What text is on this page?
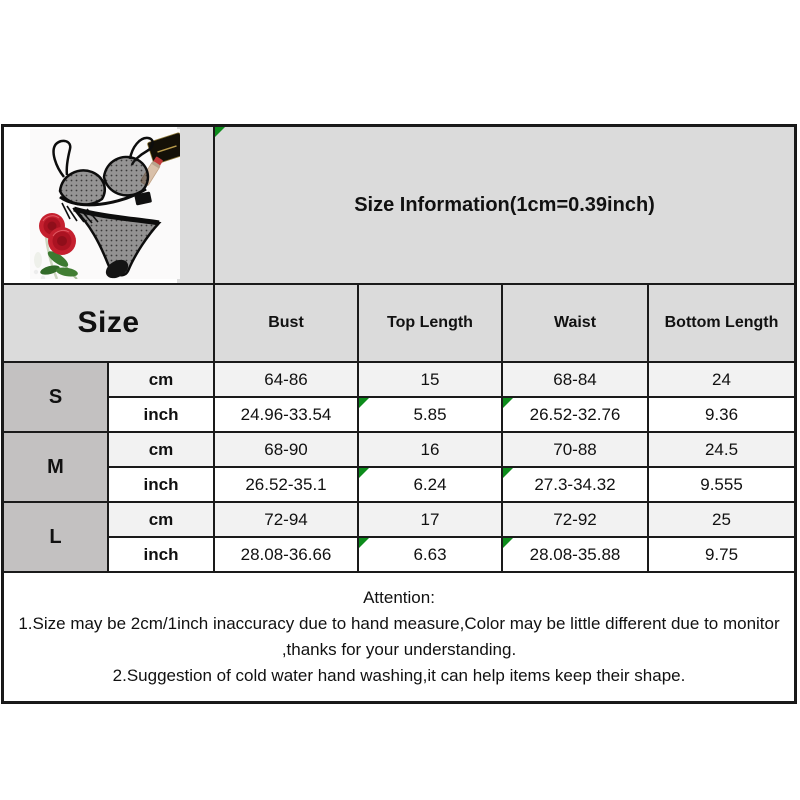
Size Information(1cm=0.39inch)			
Size		Bust	Top Length	Waist	Bottom Length
S	cm	64-86	15	68-84	24
	inch	24.96-33.54	5.85	26.52-32.76	9.36
M	cm	68-90	16	70-88	24.5
	inch	26.52-35.1	6.24	27.3-34.32	9.555
L	cm	72-94	17	72-92	25
	inch	28.08-36.66	6.63	28.08-35.88	9.75

Attention:
1.Size may be 2cm/1inch inaccuracy due to hand measure,Color may be little different due to monitor
,thanks for your understanding.
2.Suggestion of cold water hand washing,it can help items keep their shape.					
